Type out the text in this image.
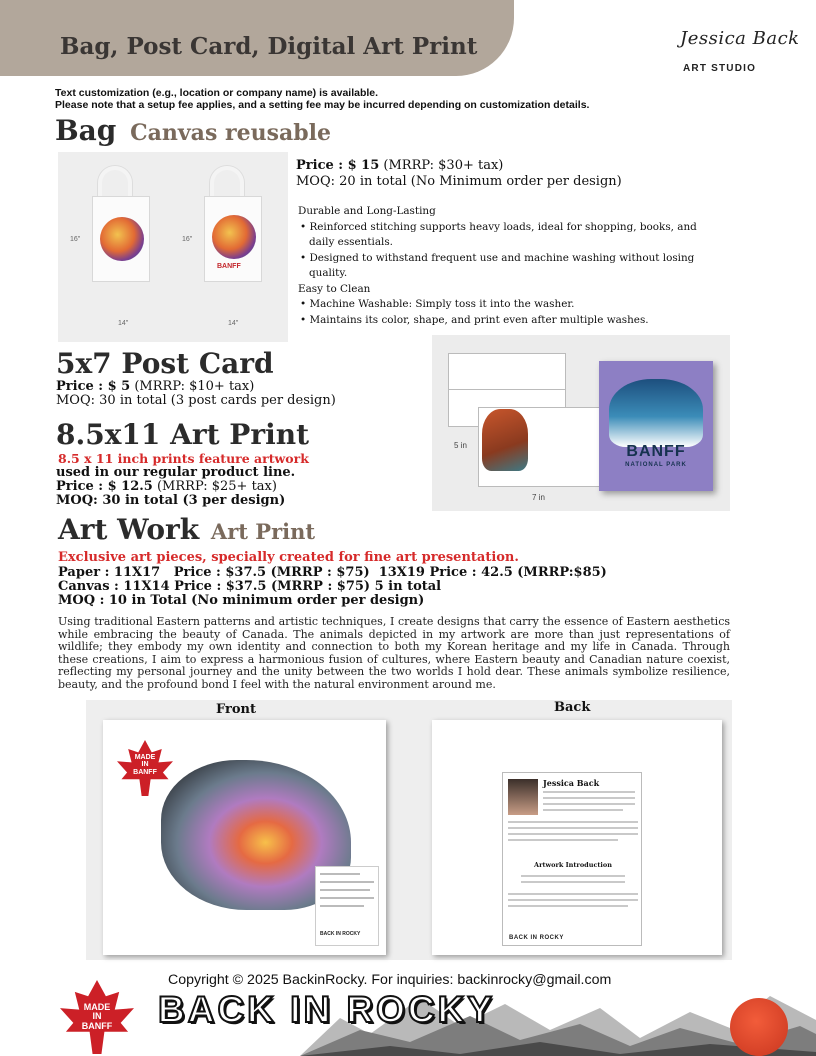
Bag, Post Card, Digital Art Print	Jessica Back
ART STUDIO
Text customization (e.g., location or company name) is available.
Please note that a setup fee applies, and a setting fee may be incurred depending on customization details.
Bag Canvas reusable
BANFF
16"	16"
14"	14"
Price : $ 15 (MRRP: $30+ tax)
MOQ: 20 in total (No Minimum order per design)
Durable and Long-Lasting
• Reinforced stitching supports heavy loads, ideal for shopping, books, and daily essentials.
• Designed to withstand frequent use and machine washing without losing quality.
Easy to Clean
• Machine Washable: Simply toss it into the washer.
• Maintains its color, shape, and print even after multiple washes.
5 in
7 in
BANFF
NATIONAL PARK
5x7 Post Card
Price : $ 5 (MRRP: $10+ tax)
MOQ: 30 in total (3 post cards per design)
8.5x11 Art Print
8.5 x 11 inch prints feature artwork
used in our regular product line.
Price : $ 12.5 (MRRP: $25+ tax)
MOQ: 30 in total (3 per design)
Art Work Art Print
Exclusive art pieces, specially created for fine art presentation.
Paper : 11X17   Price : $37.5 (MRRP : $75)  13X19 Price : 42.5 (MRRP:$85)
Canvas : 11X14 Price : $37.5 (MRRP : $75) 5 in total
MOQ : 10 in Total (No minimum order per design)
Using traditional Eastern patterns and artistic techniques, I create designs that carry the essence of Eastern aesthetics while embracing the beauty of Canada. The animals depicted in my artwork are more than just representations of wildlife; they embody my own identity and connection to both my Korean heritage and my life in Canada. Through these creations, I aim to express a harmonious fusion of cultures, where Eastern beauty and Canadian nature coexist, reflecting my personal journey and the unity between the two worlds I hold dear. These animals symbolize resilience, beauty, and the profound bond I feel with the natural environment around me.
Front	Back
MADE
IN
BANFF
BACK IN ROCKY
Jessica Back
Artwork Introduction
BACK IN ROCKY
MADE
IN
BANFF
Copyright © 2025 BackinRocky. For inquiries: backinrocky@gmail.com
BACK IN ROCKY
